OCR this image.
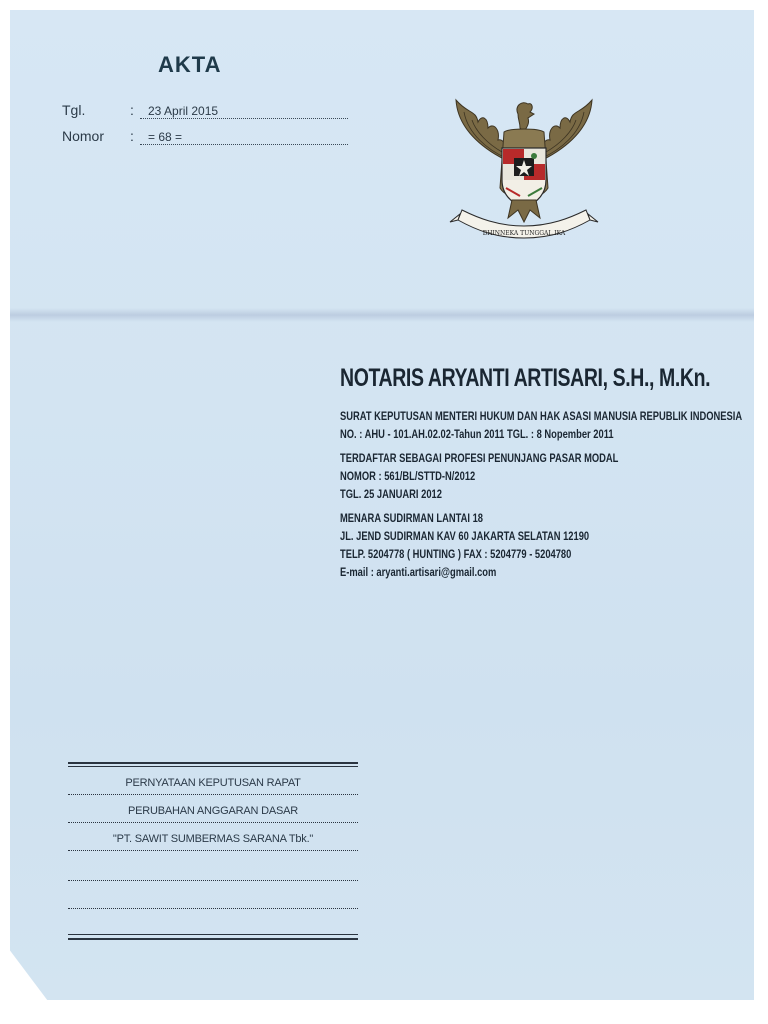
AKTA
Tgl.	: 23 April 2015
Nomor : = 68 =
BHINNEKA TUNGGAL IKA
NOTARIS ARYANTI ARTISARI, S.H., M.Kn.
SURAT KEPUTUSAN MENTERI HUKUM DAN HAK ASASI MANUSIA REPUBLIK INDONESIA
NO. : AHU - 101.AH.02.02-Tahun 2011 TGL. : 8 Nopember 2011
TERDAFTAR SEBAGAI PROFESI PENUNJANG PASAR MODAL
NOMOR : 561/BL/STTD-N/2012
TGL. 25 JANUARI 2012
MENARA SUDIRMAN LANTAI 18
JL. JEND SUDIRMAN KAV 60 JAKARTA SELATAN 12190
TELP. 5204778 ( HUNTING ) FAX : 5204779 - 5204780
E-mail : aryanti.artisari@gmail.com
PERNYATAAN KEPUTUSAN RAPAT
PERUBAHAN ANGGARAN DASAR
"PT. SAWIT SUMBERMAS SARANA Tbk."
